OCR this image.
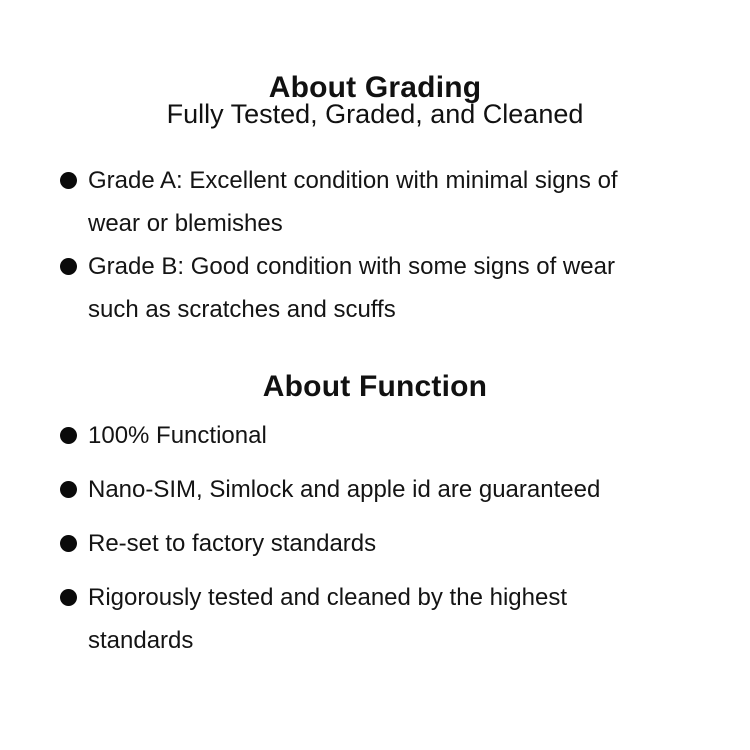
About Grading
Fully Tested, Graded, and Cleaned
Grade A: Excellent condition with minimal signs of wear or blemishes
Grade B: Good condition with some signs of wear such as scratches and scuffs
About Function
100% Functional
Nano-SIM, Simlock and apple id are guaranteed
Re-set to factory standards
Rigorously tested and cleaned by the highest standards
